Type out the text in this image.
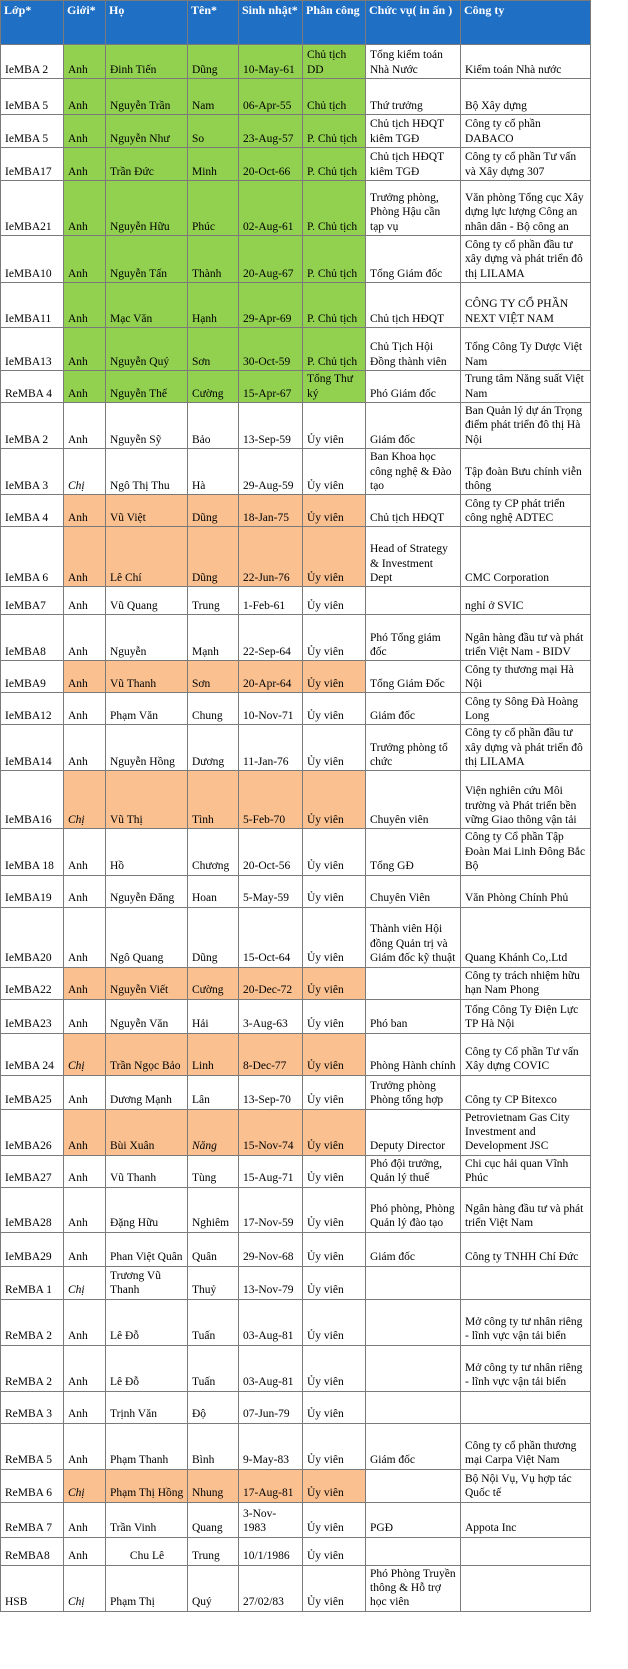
Lớp*	Giới*	Họ	Tên*	Sinh nhật*	Phân công	Chức vụ( in ấn )	Công ty
IeMBA 2	Anh	Đinh Tiến	Dũng	10-May-61	Chủ tịch DD	Tổng kiểm toán Nhà Nước	Kiểm toán Nhà nước
IeMBA 5	Anh	Nguyễn Trần	Nam	06-Apr-55	Chủ tịch	Thứ trưởng	Bộ Xây dựng
IeMBA 5	Anh	Nguyễn Như	So	23-Aug-57	P. Chủ tịch	Chủ tịch HĐQT kiêm TGĐ	Công ty cổ phần DABACO
IeMBA17	Anh	Trần Đức	Minh	20-Oct-66	P. Chủ tịch	Chủ tịch HĐQT kiêm TGĐ	Công ty cổ phần Tư vấn và Xây dựng 307
IeMBA21	Anh	Nguyễn Hữu	Phúc	02-Aug-61	P. Chủ tịch	Trưởng phòng, Phòng Hậu cần tạp vụ	Văn phòng Tổng cục Xây dựng lực lượng Công an nhân dân - Bộ công an
IeMBA10	Anh	Nguyễn Tấn	Thành	20-Aug-67	P. Chủ tịch	Tổng Giám đốc	Công ty cổ phần đầu tư xây dựng và phát triển đô thị LILAMA
IeMBA11	Anh	Mạc Văn	Hạnh	29-Apr-69	P. Chủ tịch	Chủ tịch HĐQT	CÔNG TY CỔ PHẦN NEXT VIỆT NAM
IeMBA13	Anh	Nguyễn Quý	Sơn	30-Oct-59	P. Chủ tịch	Chủ Tịch Hội Đồng thành viên	Tổng Công Ty Dược Việt Nam
ReMBA 4	Anh	Nguyễn Thế	Cường	15-Apr-67	Tổng Thư ký	Phó Giám đốc	Trung tâm Năng suất Việt Nam
IeMBA 2	Anh	Nguyễn Sỹ	Bảo	13-Sep-59	Ủy viên	Giám đốc	Ban Quản lý dự án Trọng điểm phát triển đô thị Hà Nội
IeMBA 3	Chị	Ngô Thị Thu	Hà	29-Aug-59	Ủy viên	Ban Khoa học công nghệ & Đào tạo	Tập đoàn Bưu chính viễn thông
IeMBA 4	Anh	Vũ Việt	Dũng	18-Jan-75	Ủy viên	Chủ tịch HĐQT	Công ty CP phát triển công nghệ ADTEC
IeMBA 6	Anh	Lê Chí	Dũng	22-Jun-76	Ủy viên	Head of Strategy & Investment Dept	CMC Corporation
IeMBA7	Anh	Vũ Quang	Trung	1-Feb-61	Ủy viên		nghỉ ở SVIC
IeMBA8	Anh	Nguyễn	Mạnh	22-Sep-64	Ủy viên	Phó Tổng giám đốc	Ngân hàng đầu tư và phát triển Việt Nam - BIDV
IeMBA9	Anh	Vũ Thanh	Sơn	20-Apr-64	Ủy viên	Tổng Giám Đốc	Công ty thương mại Hà Nội
IeMBA12	Anh	Phạm Văn	Chung	10-Nov-71	Ủy viên	Giám đốc	Công ty Sông Đà Hoàng Long
IeMBA14	Anh	Nguyễn Hồng	Dương	11-Jan-76	Ủy viên	Trưởng phòng tổ chức	Công ty cổ phần đầu tư xây dựng và phát triển đô thị LILAMA
IeMBA16	Chị	Vũ Thị	Tình	5-Feb-70	Ủy viên	Chuyên viên	Viện nghiên cứu Môi trường và Phát triển bền vững Giao thông vận tải
IeMBA 18	Anh	Hồ	Chương	20-Oct-56	Ủy viên	Tổng GĐ	Công ty Cổ phần Tập Đoàn Mai Linh Đông Bắc Bộ
IeMBA19	Anh	Nguyễn Đăng	Hoan	5-May-59	Ủy viên	Chuyên Viên	Văn Phòng Chính Phủ
IeMBA20	Anh	Ngô Quang	Dũng	15-Oct-64	Ủy viên	Thành viên Hội đồng Quản trị và Giám đốc kỹ thuật	Quang Khánh Co,.Ltd
IeMBA22	Anh	Nguyễn Viết	Cường	20-Dec-72	Ủy viên		Công ty trách nhiệm hữu hạn Nam Phong
IeMBA23	Anh	Nguyễn Văn	Hải	3-Aug-63	Ủy viên	Phó ban	Tổng Công Ty Điện Lực TP Hà Nội
IeMBA 24	Chị	Trần Ngọc Bảo	Linh	8-Dec-77	Ủy viên	Phòng Hành chính	Công ty Cổ phần Tư vấn Xây dựng COVIC
IeMBA25	Anh	Dương Mạnh	Lân	13-Sep-70	Ủy viên	Trưởng phòng Phòng tổng hợp	Công ty CP Bitexco
IeMBA26	Anh	Bùi Xuân	Năng	15-Nov-74	Ủy viên	Deputy Director	Petrovietnam Gas City Investment and Development JSC
IeMBA27	Anh	Vũ Thanh	Tùng	15-Aug-71	Ủy viên	Phó đội trưởng, Quản lý thuế	Chi cục hải quan Vĩnh Phúc
IeMBA28	Anh	Đặng Hữu	Nghiêm	17-Nov-59	Ủy viên	Phó phòng, Phòng Quản lý đào tạo	Ngân hàng đầu tư và phát triển Việt Nam
IeMBA29	Anh	Phan Việt Quân	Quân	29-Nov-68	Ủy viên	Giám đốc	Công ty TNHH Chí Đức
ReMBA 1	Chị	Trương Vũ Thanh	Thuỷ	13-Nov-79	Ủy viên		
ReMBA 2	Anh	Lê Đỗ	Tuấn	03-Aug-81	Ủy viên		Mở công ty tư nhân riêng - lĩnh vực vận tải biển
ReMBA 2	Anh	Lê Đỗ	Tuấn	03-Aug-81	Ủy viên		Mở công ty tư nhân riêng - lĩnh vực vận tải biển
ReMBA 3	Anh	Trịnh Văn	Độ	07-Jun-79	Ủy viên		
ReMBA 5	Anh	Phạm Thanh	Bình	9-May-83	Ủy viên	Giám đốc	Công ty cổ phần thương mại Carpa Việt Nam
ReMBA 6	Chị	Phạm Thị Hồng	Nhung	17-Aug-81	Ủy viên		Bộ Nội Vụ, Vụ hợp tác Quốc tế
ReMBA 7	Anh	Trần Vinh	Quang	3-Nov-1983	Ủy viên	PGĐ	Appota Inc
ReMBA8	Anh	Chu Lê	Trung	10/1/1986	Ủy viên		
HSB	Chị	Phạm Thị	Quý	27/02/83	Ủy viên	Phó Phòng Truyền thông & Hỗ trợ học viên	
